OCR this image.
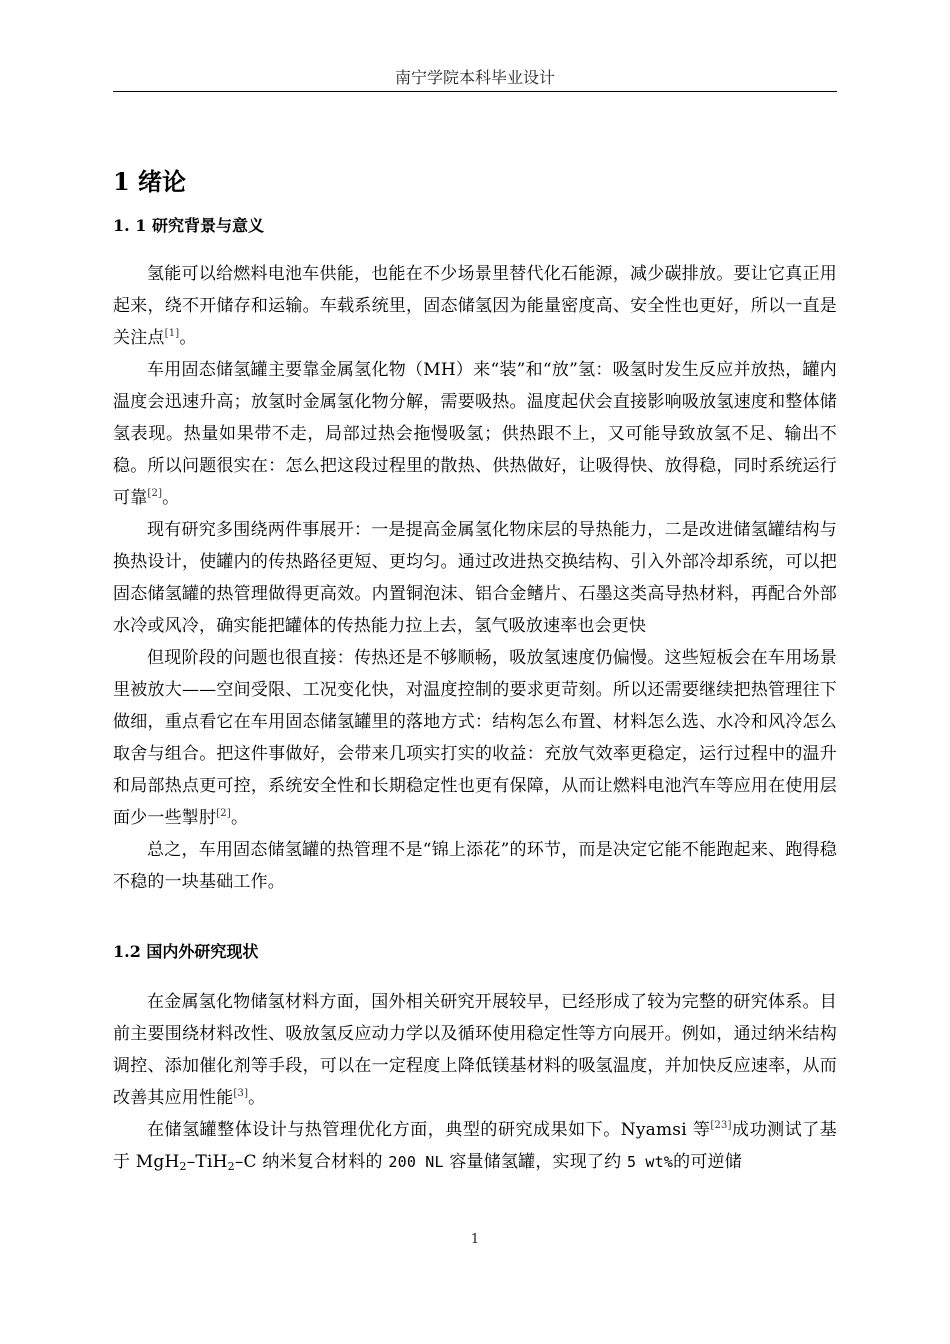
南宁学院本科毕业设计
1 绪论
1. 1 研究背景与意义

氢能可以给燃料电池车供能，也能在不少场景里替代化石能源，减少碳排放。要让它真正用起来，绕不开储存和运输。车载系统里，固态储氢因为能量密度高、安全性也更好，所以一直是关注点[1]。

车用固态储氢罐主要靠金属氢化物（MH）来“装”和“放”氢：吸氢时发生反应并放热，罐内温度会迅速升高；放氢时金属氢化物分解，需要吸热。温度起伏会直接影响吸放氢速度和整体储氢表现。热量如果带不走，局部过热会拖慢吸氢；供热跟不上，又可能导致放氢不足、输出不稳。所以问题很实在：怎么把这段过程里的散热、供热做好，让吸得快、放得稳，同时系统运行可靠[2]。

现有研究多围绕两件事展开：一是提高金属氢化物床层的导热能力，二是改进储氢罐结构与换热设计，使罐内的传热路径更短、更均匀。通过改进热交换结构、引入外部冷却系统，可以把固态储氢罐的热管理做得更高效。内置铜泡沫、铝合金鳍片、石墨这类高导热材料，再配合外部水冷或风冷，确实能把罐体的传热能力拉上去，氢气吸放速率也会更快

但现阶段的问题也很直接：传热还是不够顺畅，吸放氢速度仍偏慢。这些短板会在车用场景里被放大——空间受限、工况变化快，对温度控制的要求更苛刻。所以还需要继续把热管理往下做细，重点看它在车用固态储氢罐里的落地方式：结构怎么布置、材料怎么选、水冷和风冷怎么取舍与组合。把这件事做好，会带来几项实打实的收益：充放气效率更稳定，运行过程中的温升和局部热点更可控，系统安全性和长期稳定性也更有保障，从而让燃料电池汽车等应用在使用层面少一些掣肘[2]。

总之，车用固态储氢罐的热管理不是“锦上添花”的环节，而是决定它能不能跑起来、跑得稳不稳的一块基础工作。

1.2 国内外研究现状

在金属氢化物储氢材料方面，国外相关研究开展较早，已经形成了较为完整的研究体系。目前主要围绕材料改性、吸放氢反应动力学以及循环使用稳定性等方向展开。例如，通过纳米结构调控、添加催化剂等手段，可以在一定程度上降低镁基材料的吸氢温度，并加快反应速率，从而改善其应用性能[3]。

在储氢罐整体设计与热管理优化方面，典型的研究成果如下。Nyamsi 等[23]成功测试了基于 MgH$_2$–TiH$_2$–C 纳米复合材料的 200 NL 容量储氢罐，实现了约 5 wt%的可逆储

1
